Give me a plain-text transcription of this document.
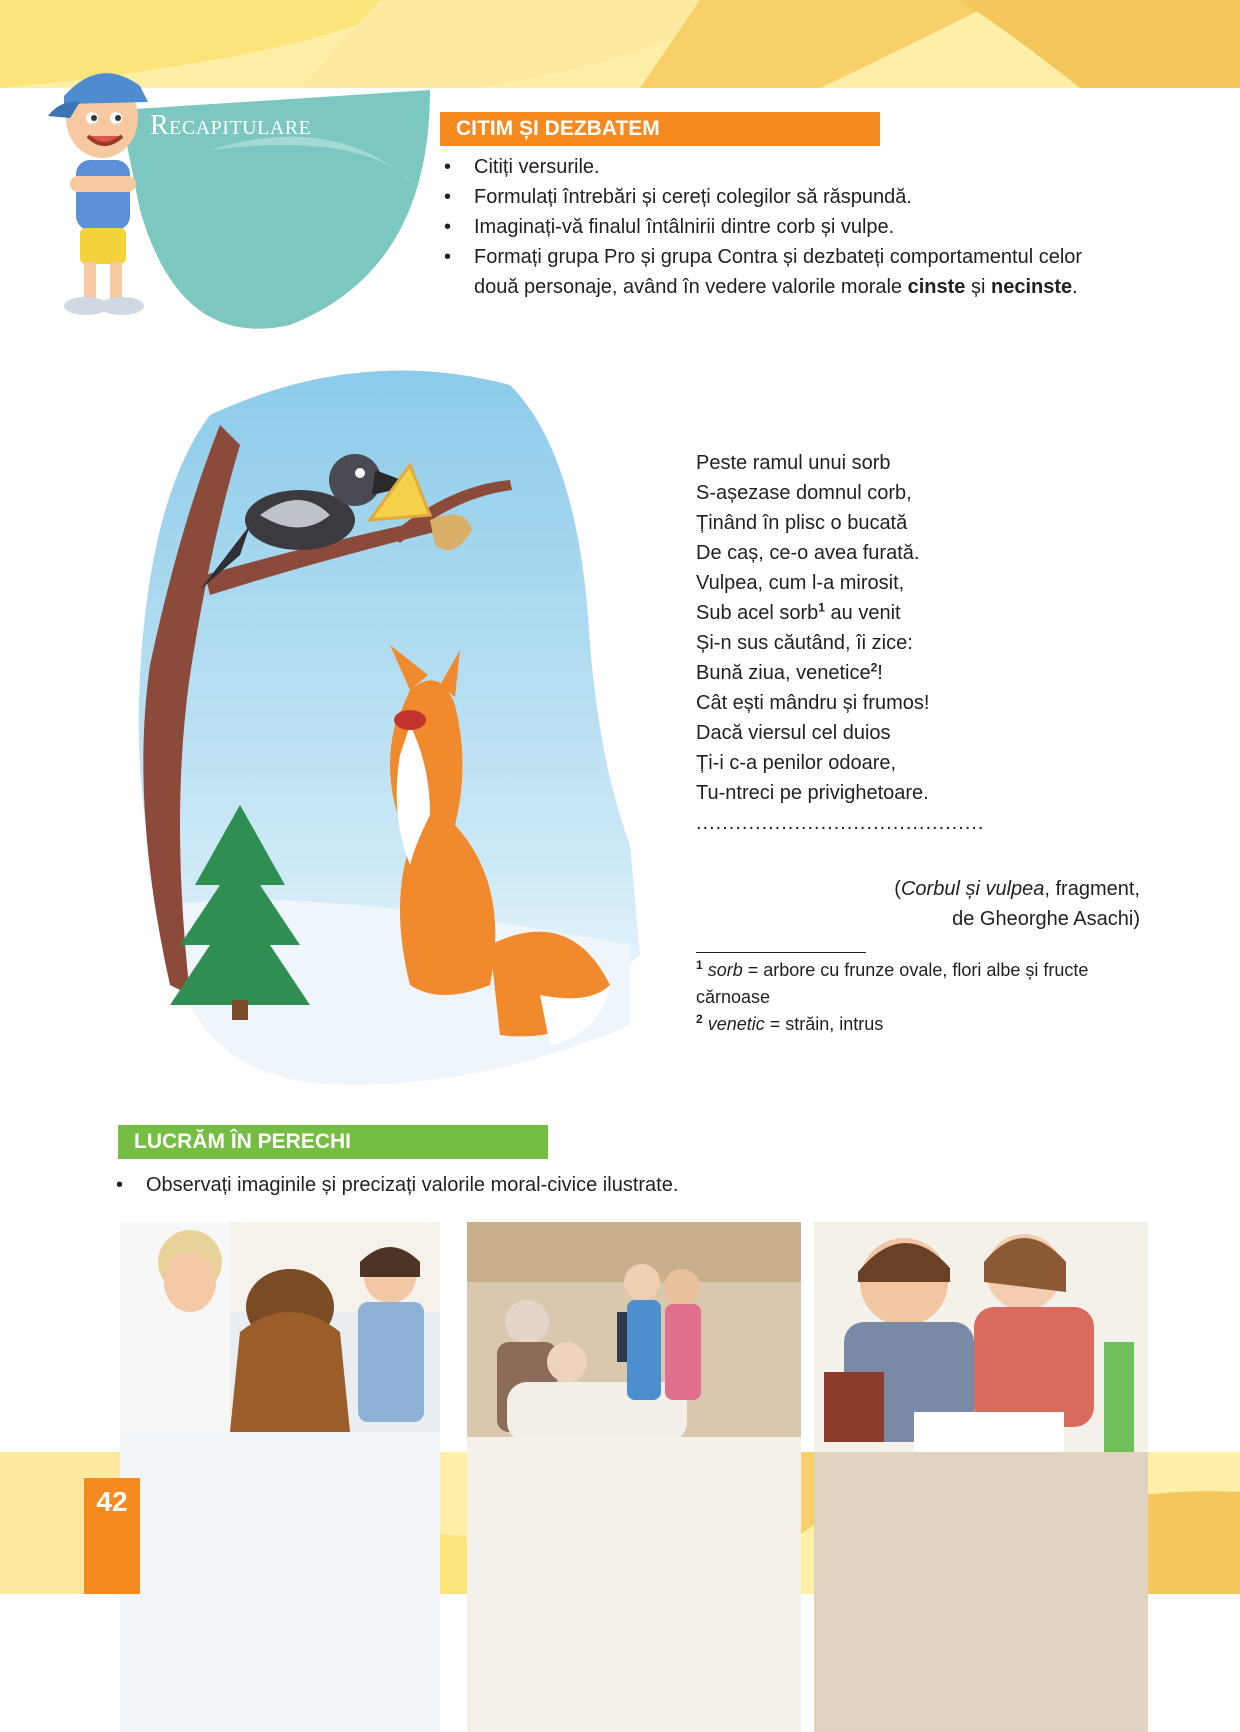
Recapitulare	CITIM ȘI DEZBATEM
• Citiți versurile.
• Formulați întrebări și cereți colegilor să răspundă.
• Imaginați-vă finalul întâlnirii dintre corb și vulpe.
• Formați grupa Pro și grupa Contra și dezbateți comportamentul celor două personaje, având în vedere valorile morale cinste și necinste.
Peste ramul unui sorb
S-așezase domnul corb,
Ținând în plisc o bucată
De caș, ce-o avea furată.
Vulpea, cum l-a mirosit,
Sub acel sorb$^1$ au venit
Și-n sus căutând, îi zice:
Bună ziua, venetice$^2$!
Cât ești mândru și frumos!
Dacă viersul cel duios
Ți-i c-a penilor odoare,
Tu-ntreci pe privighetoare.
............................................
(Corbul și vulpea, fragment,
de Gheorghe Asachi)
$^1$ sorb = arbore cu frunze ovale, flori albe și fructe cărnoase
$^2$ venetic = străin, intrus
LUCRĂM ÎN PERECHI
• Observați imaginile și precizați valorile moral-civice ilustrate.
42
